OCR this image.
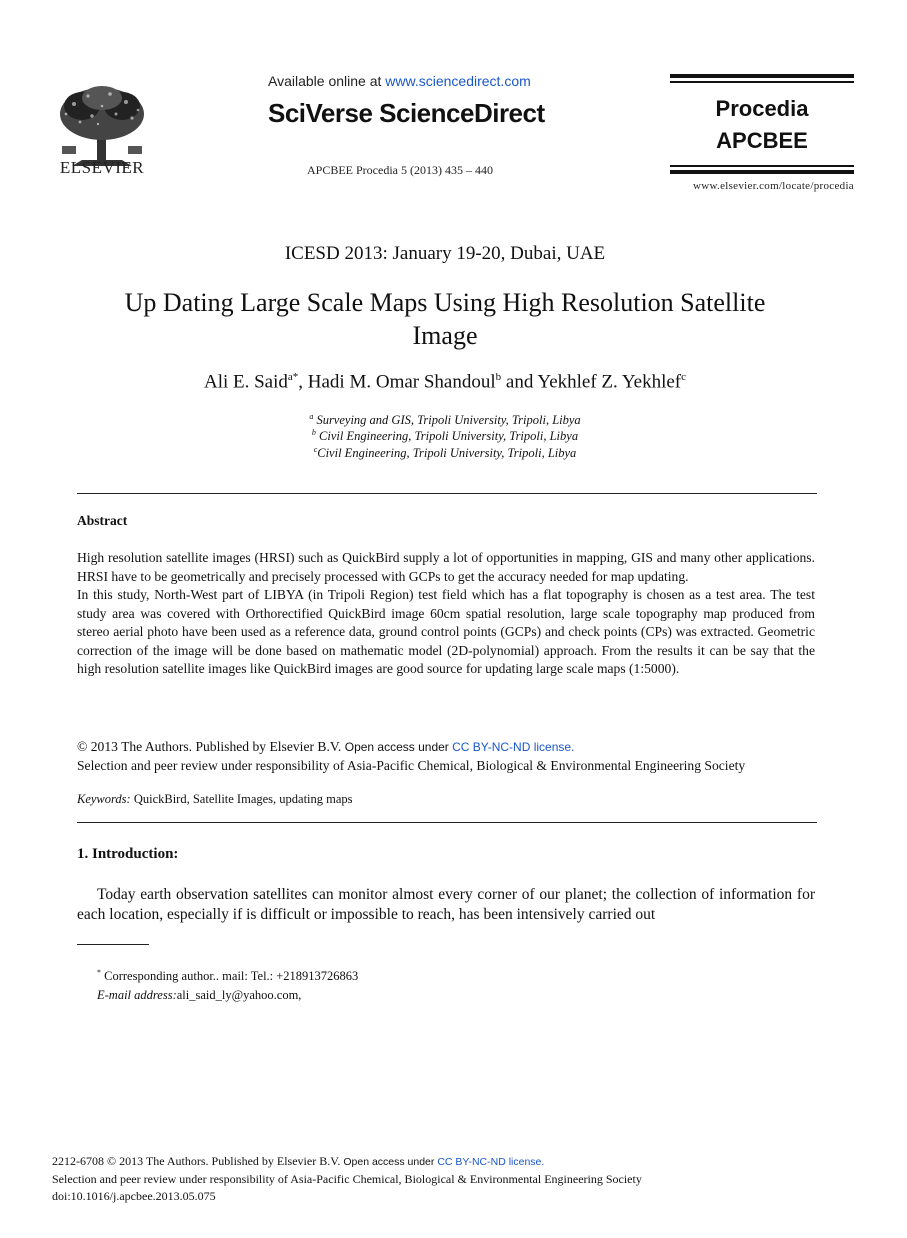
ELSEVIER
Available online at www.sciencedirect.com
SciVerse ScienceDirect
APCBEE Procedia 5 (2013) 435 – 440
Procedia
APCBEE
www.elsevier.com/locate/procedia
ICESD 2013: January 19-20, Dubai, UAE
Up Dating Large Scale Maps Using High Resolution Satellite
Image
Ali E. Said$^{a*}$, Hadi M. Omar Shandoul$^b$ and Yekhlef Z. Yekhlef$^c$
$^a$ Surveying and GIS, Tripoli University, Tripoli, Libya
$^b$ Civil Engineering, Tripoli University, Tripoli, Libya
$^c$Civil Engineering, Tripoli University, Tripoli, Libya
Abstract

High resolution satellite images (HRSI) such as QuickBird supply a lot of opportunities in mapping, GIS and many other applications. HRSI have to be geometrically and precisely processed with GCPs to get the accuracy needed for map updating.

In this study, North-West part of LIBYA (in Tripoli Region) test field which has a flat topography is chosen as a test area. The test study area was covered with Orthorectified QuickBird image 60cm spatial resolution, large scale topography map produced from stereo aerial photo have been used as a reference data, ground control points (GCPs) and check points (CPs) was extracted. Geometric correction of the image will be done based on mathematic model (2D-polynomial) approach. From the results it can be say that the high resolution satellite images like QuickBird images are good source for updating large scale maps (1:5000).

© 2013 The Authors. Published by Elsevier B.V. Open access under CC BY-NC-ND license.
Selection and peer review under responsibility of Asia-Pacific Chemical, Biological & Environmental Engineering Society
Keywords: QuickBird, Satellite Images, updating maps
1. Introduction:
Today earth observation satellites can monitor almost every corner of our planet; the collection of information for each location, especially if is difficult or impossible to reach, has been intensively carried out
* Corresponding author.. mail: Tel.: +218913726863
E-mail address:ali_said_ly@yahoo.com,
2212-6708 © 2013 The Authors. Published by Elsevier B.V. Open access under CC BY-NC-ND license.
Selection and peer review under responsibility of Asia-Pacific Chemical, Biological & Environmental Engineering Society
doi:10.1016/j.apcbee.2013.05.075
